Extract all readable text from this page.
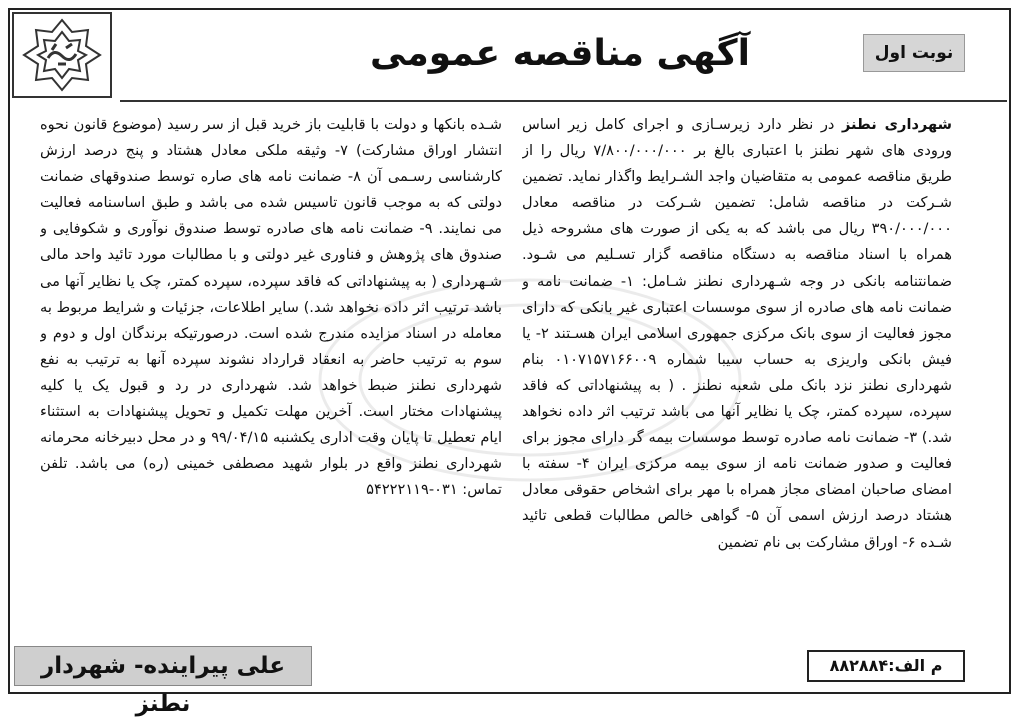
آگهی مناقصه عمومی	نوبت اول
شهرداری نطنز در نظر دارد زیرسـازی و اجرای کامل زیر اساس ورودی های شهر نطنز با اعتباری بالغ بر ۷/۸۰۰/۰۰۰/۰۰۰ ریال را از طریق مناقصه عمومی به متقاضیان واجد الشـرایط واگذار نماید. تضمین شـرکت در مناقصه شامل: تضمین شـرکت در مناقصه معادل ۳۹۰/۰۰۰/۰۰۰ ریال می باشد که به یکی از صورت های مشروحه ذیل همراه با اسناد مناقصه به دستگاه مناقصه گزار تسـلیم می شـود. ضمانتنامه بانکی در وجه شـهرداری نطنز شـامل: ۱- ضمانت نامه و ضمانت نامه های صادره از سوی موسسات اعتباری غیر بانکی که دارای مجوز فعالیت از سوی بانک مرکزی جمهوری اسلامی ایران هسـتند ۲- یا فیش بانکی واریزی به حساب سیبا شماره ۰۱۰۷۱۵۷۱۶۶۰۰۹ بنام شهرداری نطنز نزد بانک ملی شعبه نطنز . ( به پیشنهاداتی که فاقد سپرده، سپرده کمتر، چک یا نظایر آنها می باشد ترتیب اثر داده نخواهد شد.) ۳- ضمانت نامه صادره توسط موسسات بیمه گر دارای مجوز برای فعالیت و صدور ضمانت نامه از سوی بیمه مرکزی ایران ۴- سفته با امضای صاحبان امضای مجاز همراه با مهر برای اشخاص حقوقی معادل هشتاد درصد ارزش اسمی آن ۵- گواهی خالص مطالبات قطعی تائید شـده ۶- اوراق مشارکت بی نام تضمین
شـده بانکها و دولت با قابلیت باز خرید قبل از سر رسید (موضوع قانون نحوه انتشار اوراق مشارکت) ۷- وثیقه ملکی معادل هشتاد و پنج درصد ارزش کارشناسی رسـمی آن ۸- ضمانت نامه های صاره توسط صندوقهای ضمانت دولتی که به موجب قانون تاسیس شده می باشد و طبق اساسنامه فعالیت می نمایند. ۹- ضمانت نامه های صادره توسط صندوق نوآوری و شکوفایی و صندوق های پژوهش و فناوری غیر دولتی و با مطالبات مورد تائید واحد مالی شـهرداری ( به پیشنهاداتی که فاقد سپرده، سپرده کمتر، چک یا نظایر آنها می باشد ترتیب اثر داده نخواهد شد.) سایر اطلاعات، جزئیات و شرایط مربوط به معامله در اسناد مزایده مندرج شده است. درصورتیکه برندگان اول و دوم و سوم به ترتیب حاضر به انعقاد قرارداد نشوند سپرده آنها به ترتیب به نفع شهرداری نطنز ضبط خواهد شد. شهرداری در رد و قبول یک یا کلیه پیشنهادات مختار است. آخرین مهلت تکمیل و تحویل پیشنهادات به استثناء ایام تعطیل تا پایان وقت اداری یکشنبه ۹۹/۰۴/۱۵ و در محل دبیرخانه محرمانه شهرداری نطنز واقع در بلوار شهید مصطفی خمینی (ره) می باشد. تلفن تماس: ۰۳۱-۵۴۲۲۲۱۱۹
علی پیراینده- شهردار نطنز
م الف:۸۸۲۸۸۴
